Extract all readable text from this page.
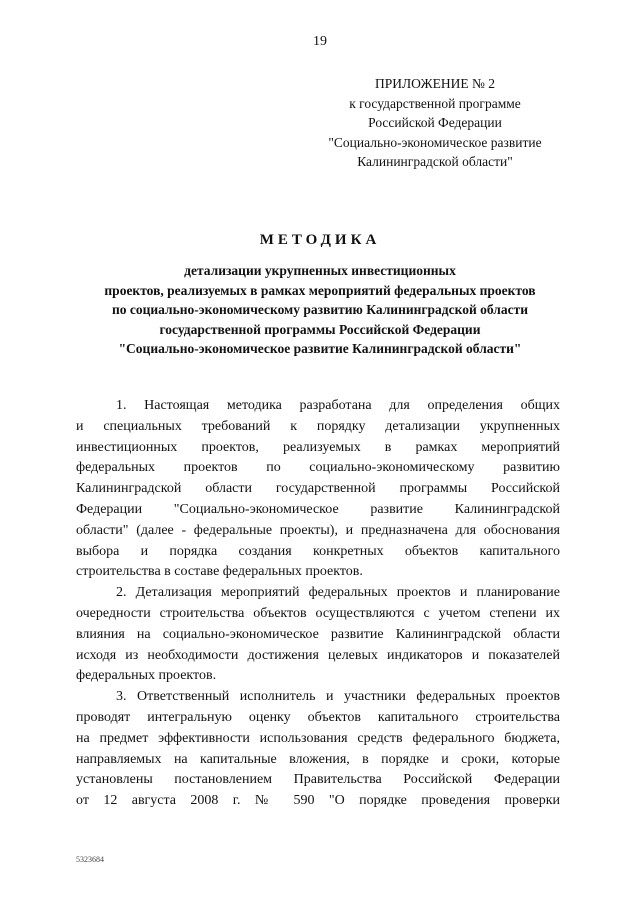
19
ПРИЛОЖЕНИЕ № 2
к государственной программе
Российской Федерации
"Социально-экономическое развитие
Калининградской области"
МЕТОДИКА
детализации укрупненных инвестиционных
проектов, реализуемых в рамках мероприятий федеральных проектов
по социально-экономическому развитию Калининградской области
государственной программы Российской Федерации
"Социально-экономическое развитие Калининградской области"
1. Настоящая методика разработана для определения общих
и специальных требований к порядку детализации укрупненных
инвестиционных проектов, реализуемых в рамках мероприятий
федеральных проектов по социально-экономическому развитию
Калининградской области государственной программы Российской
Федерации "Социально-экономическое развитие Калининградской
области" (далее - федеральные проекты), и предназначена для обоснования
выбора и порядка создания конкретных объектов капитального
строительства в составе федеральных проектов.
2. Детализация мероприятий федеральных проектов и планирование
очередности строительства объектов осуществляются с учетом степени их
влияния на социально-экономическое развитие Калининградской области
исходя из необходимости достижения целевых индикаторов и показателей
федеральных проектов.
3. Ответственный исполнитель и участники федеральных проектов
проводят интегральную оценку объектов капитального строительства
на предмет эффективности использования средств федерального бюджета,
направляемых на капитальные вложения, в порядке и сроки, которые
установлены постановлением Правительства Российской Федерации
от 12 августа 2008 г. № 590 "О порядке проведения проверки
5323684
